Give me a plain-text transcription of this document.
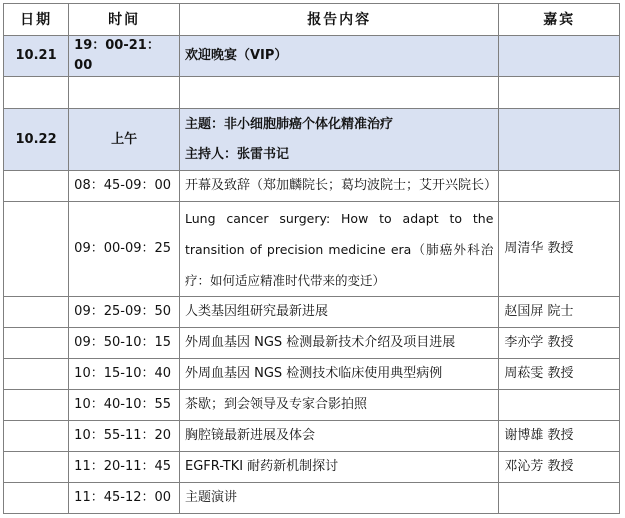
日期	时间	报告内容	嘉宾
10.21	19：00-21：00	欢迎晚宴（VIP）	

10.22	上午	主题：非小细胞肺癌个体化精准治疗
主持人：张雷书记	

	08：45-09：00	开幕及致辞（郑加麟院长；葛均波院士；艾开兴院长）	
	09：00-09：25	Lung cancer surgery: How to adapt to the transition of precision medicine era（肺癌外科治疗：如何适应精准时代带来的变迁）	周清华 教授
	09：25-09：50	人类基因组研究最新进展	赵国屏 院士
	09：50-10：15	外周血基因 NGS 检测最新技术介绍及项目进展	李亦学 教授
	10：15-10：40	外周血基因 NGS 检测技术临床使用典型病例	周菘雯 教授
	10：40-10：55	茶歇；到会领导及专家合影拍照	
	10：55-11：20	胸腔镜最新进展及体会	谢博雄 教授
	11：20-11：45	EGFR-TKI 耐药新机制探讨	邓沁芳 教授
	11：45-12：00	主题演讲	
